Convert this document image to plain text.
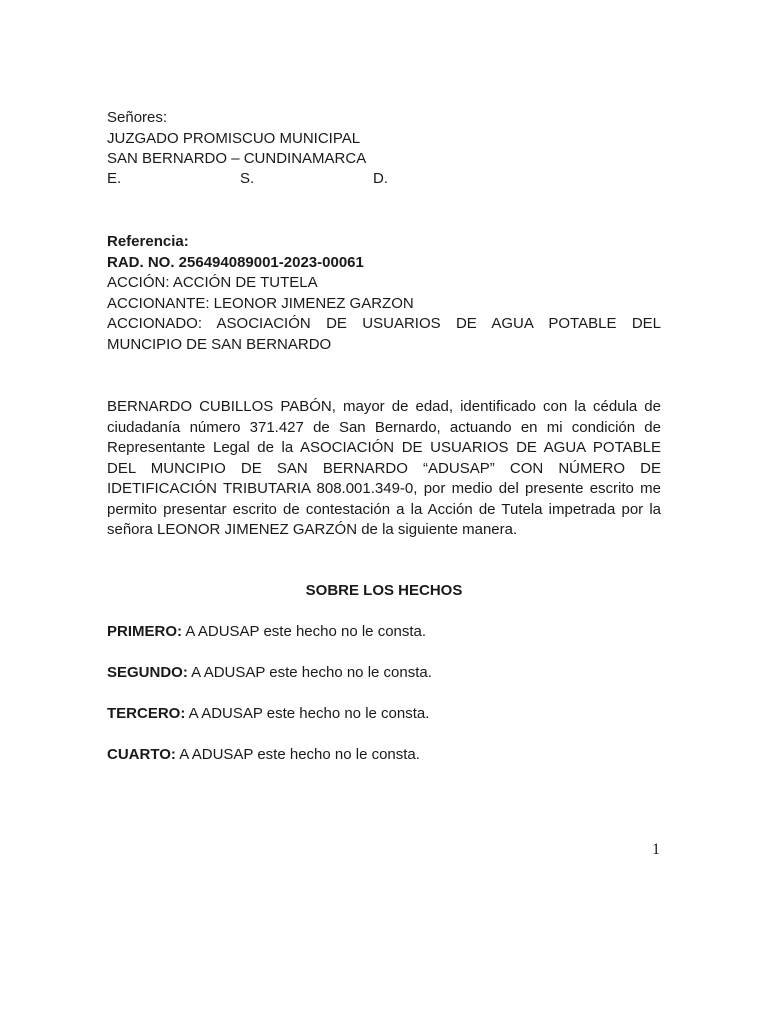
Señores:
JUZGADO PROMISCUO MUNICIPAL
SAN BERNARDO – CUNDINAMARCA
E.	S.	D.
Referencia:
RAD. NO. 256494089001-2023-00061
ACCIÓN: ACCIÓN DE TUTELA
ACCIONANTE: LEONOR JIMENEZ GARZON
ACCIONADO: ASOCIACIÓN DE USUARIOS DE AGUA POTABLE DEL
MUNCIPIO DE SAN BERNARDO
BERNARDO CUBILLOS PABÓN, mayor de edad, identificado con la cédula de
ciudadanía número 371.427 de San Bernardo, actuando en mi condición de
Representante Legal de la ASOCIACIÓN DE USUARIOS DE AGUA POTABLE
DEL MUNCIPIO DE SAN BERNARDO “ADUSAP” CON NÚMERO DE
IDETIFICACIÓN TRIBUTARIA 808.001.349-0, por medio del presente escrito me
permito presentar escrito de contestación a la Acción de Tutela impetrada por la
señora LEONOR JIMENEZ GARZÓN de la siguiente manera.
SOBRE LOS HECHOS
PRIMERO: A ADUSAP este hecho no le consta.
SEGUNDO: A ADUSAP este hecho no le consta.
TERCERO: A ADUSAP este hecho no le consta.
CUARTO: A ADUSAP este hecho no le consta.
1
